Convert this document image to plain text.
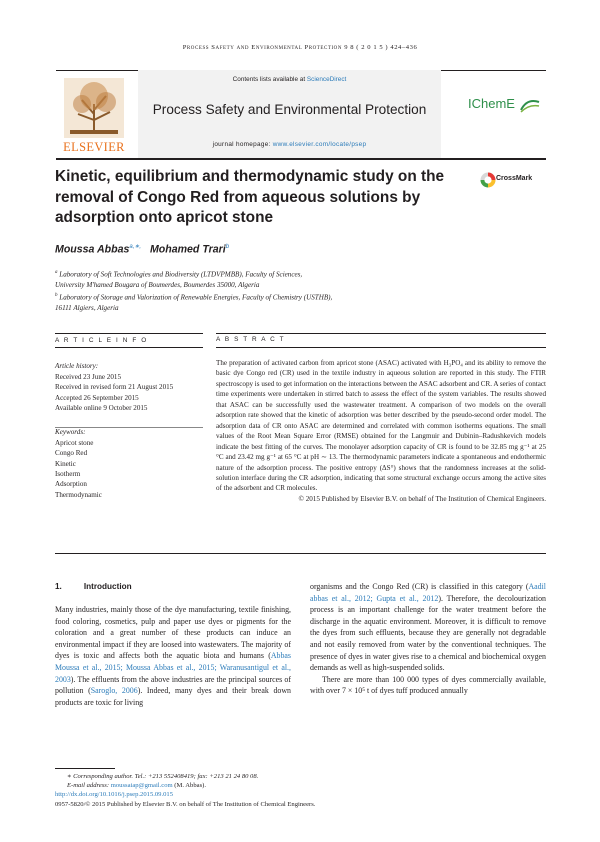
Process Safety and Environmental Protection 9 8 ( 2 0 1 5 ) 424–436
ELSEVIER
Contents lists available at ScienceDirect
Process Safety and Environmental Protection
journal homepage: www.elsevier.com/locate/psep
IChemE
Kinetic, equilibrium and thermodynamic study on the removal of Congo Red from aqueous solutions by adsorption onto apricot stone
CrossMark
Moussa Abbas$^{a,∗,}$ Mohamed Trari$^b$
$^a$ Laboratory of Soft Technologies and Biodiversity (LTDVPMBB), Faculty of Sciences,
University M'hamed Bougara of Boumerdes, Boumerdes 35000, Algeria
$^b$ Laboratory of Storage and Valorization of Renewable Energies, Faculty of Chemistry (USTHB),
16111 Algiers, Algeria
A R T I C L E I N F O
Article history:
Received 23 June 2015
Received in revised form 21 August 2015
Accepted 26 September 2015
Available online 9 October 2015
Keywords:
Apricot stone
Congo Red
Kinetic
Isotherm
Adsorption
Thermodynamic
A B S T R A C T
The preparation of activated carbon from apricot stone (ASAC) activated with H₃PO₄ and its ability to remove the basic dye Congo red (CR) used in the textile industry in aqueous solution are reported in this study. The FTIR spectroscopy is used to get information on the interactions between the ASAC adsorbent and CR. A series of contact time experiments were undertaken in stirred batch to assess the effect of the system variables. The results showed that ASAC can be successfully used the wastewater treatment. A comparison of two models on the overall adsorption rate showed that the kinetic of adsorption was better described by the pseudo-second order model. The adsorption data of CR onto ASAC are determined and correlated with common isotherms equations. The small values of the Root Mean Square Error (RMSE) obtained for the Langmuir and Dubinin–Radushkevich models indicate the best fitting of the curves. The monolayer adsorption capacity of CR is found to be 32.85 mg g⁻¹ at 25 °C and 23.42 mg g⁻¹ at 65 °C at pH ∼ 13. The thermodynamic parameters indicate a spontaneous and endothermic nature of the adsorption process. The positive entropy (ΔS°) shows that the randomness increases at the solid-solution interface during the CR adsorption, indicating that some structural exchange occurs among the active sites of the adsorbent and CR molecules.
© 2015 Published by Elsevier B.V. on behalf of The Institution of Chemical Engineers.
1.	Introduction

Many industries, mainly those of the dye manufacturing, textile finishing, food coloring, cosmetics, pulp and paper use dyes or pigments for the coloration and a great number of these products can induce an environmental impact if they are loosed into wastewaters. The majority of dyes is toxic and affects both the aquatic biota and humans (Abbas Moussa et al., 2015; Moussa Abbas et al., 2015; Waranusantigul et al., 2003). The effluents from the above industries are the principal sources of pollution (Saroglo, 2006). Indeed, many dyes and their break down products are toxic for living

organisms and the Congo Red (CR) is classified in this category (Aadil abbas et al., 2012; Gupta et al., 2012). Therefore, the decolourization process is an important challenge for the water treatment before the discharge in the aquatic environment. Moreover, it is difficult to remove the dyes from such effluents, because they are generally not degradable and not easily removed from water by the conventional techniques. The presence of dyes in water gives rise to a chemical and biochemical oxygen demands as well as high-suspended solids.

There are more than 100 000 types of dyes commercially available, with over 7 × 10⁵ t of dyes tuff produced annually

∗ Corresponding author. Tel.: +213 552408419; fax: +213 21 24 80 08.
E-mail address: moussaiap@gmail.com (M. Abbas).
http://dx.doi.org/10.1016/j.psep.2015.09.015
0957-5820/© 2015 Published by Elsevier B.V. on behalf of The Institution of Chemical Engineers.
